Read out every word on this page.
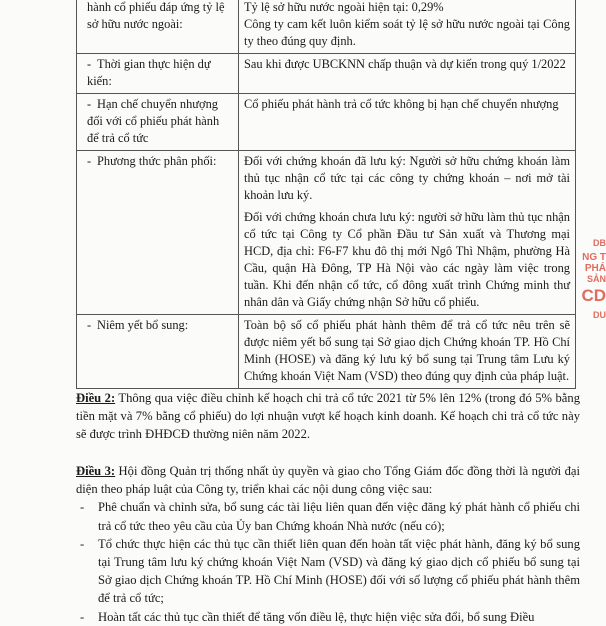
hành cổ phiếu đáp ứng tỷ lệ sở hữu nước ngoài:	Tỷ lệ sở hữu nước ngoài hiện tại: 0,29%

Công ty cam kết luôn kiểm soát tỷ lệ sở hữu nước ngoài tại Công ty theo đúng quy định.

- Thời gian thực hiện dự kiến:	Sau khi được UBCKNN chấp thuận và dự kiến trong quý 1/2022

- Hạn chế chuyển nhượng đối với cổ phiếu phát hành để trả cổ tức	Cổ phiếu phát hành trả cổ tức không bị hạn chế chuyển nhượng

- Phương thức phân phối:	Đối với chứng khoán đã lưu ký: Người sở hữu chứng khoán làm thủ tục nhận cổ tức tại các công ty chứng khoán – nơi mở tài khoản lưu ký.

Đối với chứng khoán chưa lưu ký: người sở hữu làm thủ tục nhận cổ tức tại Công ty Cổ phần Đầu tư Sản xuất và Thương mại HCD, địa chỉ: F6-F7 khu đô thị mới Ngô Thì Nhậm, phường Hà Cầu, quận Hà Đông, TP Hà Nội vào các ngày làm việc trong tuần. Khi đến nhận cổ tức, cổ đông xuất trình Chứng minh thư nhân dân và Giấy chứng nhận Sở hữu cổ phiếu.

- Niêm yết bổ sung:	Toàn bộ số cổ phiếu phát hành thêm để trả cổ tức nêu trên sẽ được niêm yết bổ sung tại Sở giao dịch Chứng khoán TP. Hồ Chí Minh (HOSE) và đăng ký lưu ký bổ sung tại Trung tâm Lưu ký Chứng khoán Việt Nam (VSD) theo đúng quy định của pháp luật.

Điều 2: Thông qua việc điều chỉnh kế hoạch chi trả cổ tức 2021 từ 5% lên 12% (trong đó 5% bằng tiền mặt và 7% bằng cổ phiếu) do lợi nhuận vượt kế hoạch kinh doanh. Kế hoạch chi trả cổ tức này sẽ được trình ĐHĐCĐ thường niên năm 2022.
Điều 3: Hội đồng Quản trị thống nhất ủy quyền và giao cho Tổng Giám đốc đồng thời là người đại diện theo pháp luật của Công ty, triển khai các nội dung công việc sau:
- Phê chuẩn và chỉnh sửa, bổ sung các tài liệu liên quan đến việc đăng ký phát hành cổ phiếu chi trả cổ tức theo yêu cầu của Ủy ban Chứng khoán Nhà nước (nếu có);
- Tổ chức thực hiện các thủ tục cần thiết liên quan đến hoàn tất việc phát hành, đăng ký bổ sung tại Trung tâm lưu ký chứng khoán Việt Nam (VSD) và đăng ký giao dịch cổ phiếu bổ sung tại Sở giao dịch Chứng khoán TP. Hồ Chí Minh (HOSE) đối với số lượng cổ phiếu phát hành thêm để trả cổ tức;
- Hoàn tất các thủ tục cần thiết để tăng vốn điều lệ, thực hiện việc sửa đổi, bổ sung Điều
DB
NG T
PHÁ
SẢN
CD
DU
